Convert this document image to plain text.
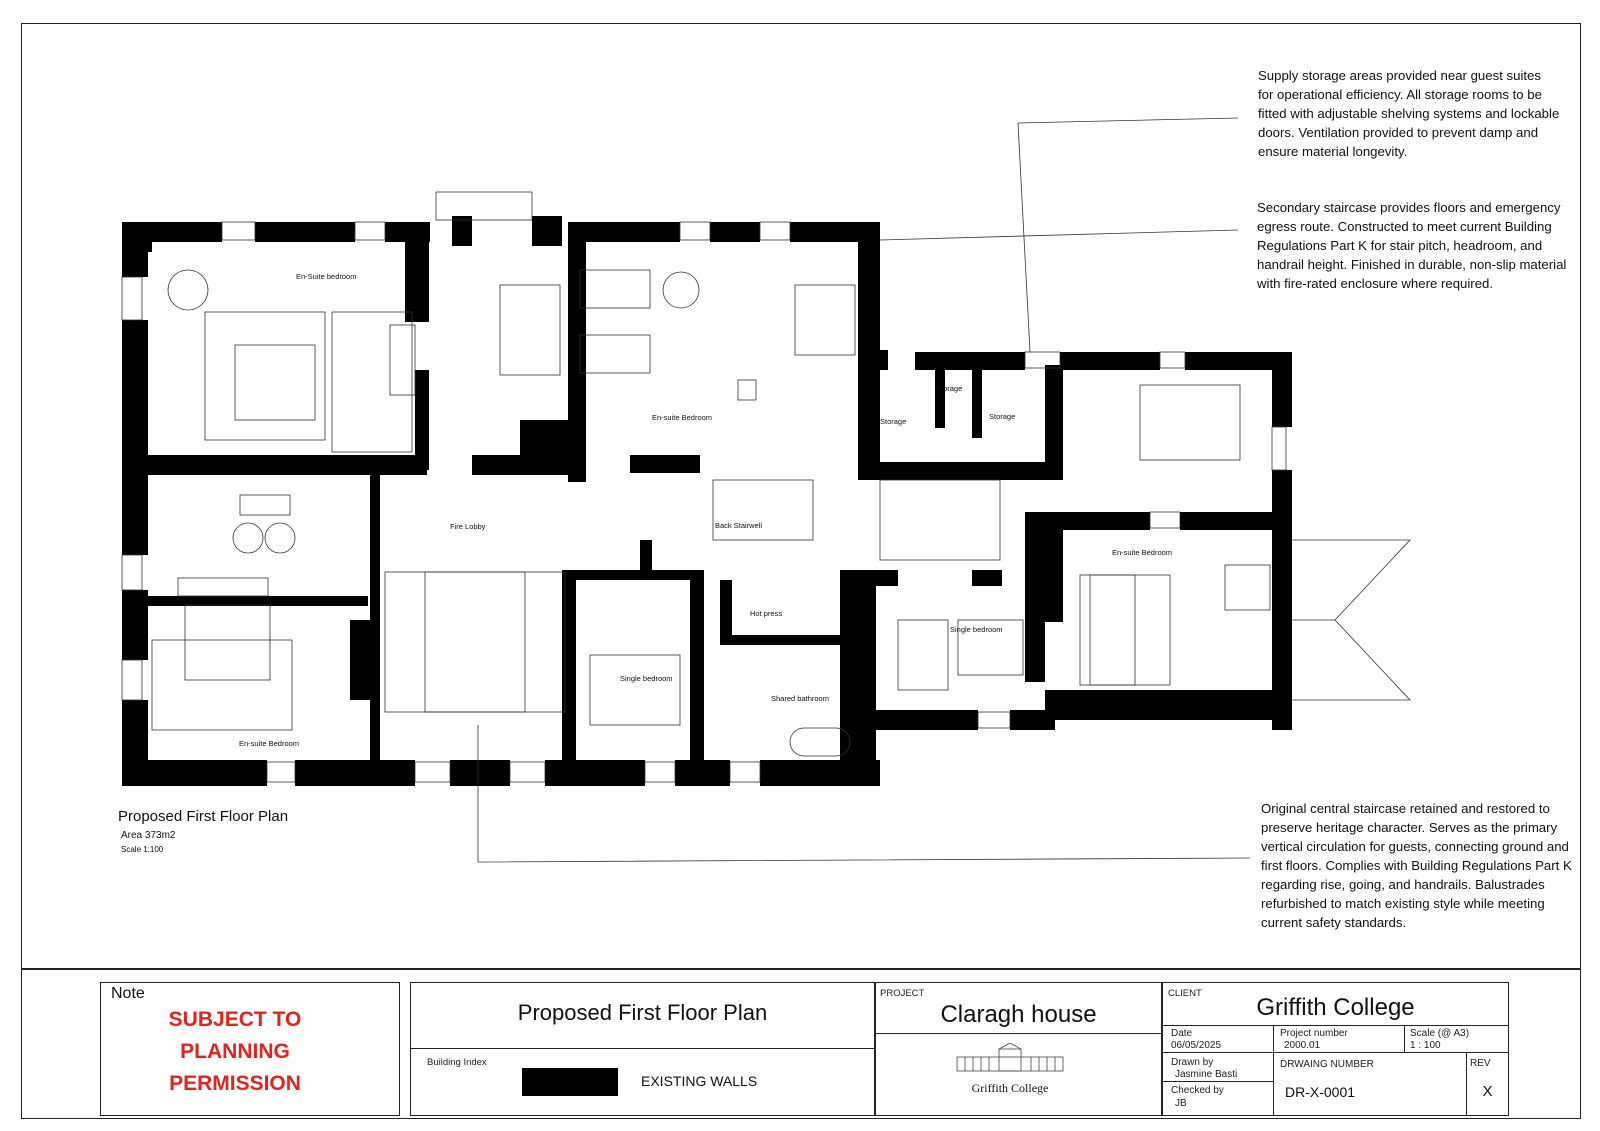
En-Suite bedroom
En-suite Bedroom
En-suite Bedroom
En-suite Bedroom
Fire Lobby	Back Stairwell
Storage
Storage
Storage
Hot press
Shared bathroom
Single bedroom
Single bedroom
Supply storage areas provided near guest suites
for operational efficiency. All storage rooms to be
fitted with adjustable shelving systems and lockable
doors. Ventilation provided to prevent damp and
ensure material longevity.
Secondary staircase provides floors and emergency
egress route. Constructed to meet current Building
Regulations Part K for stair pitch, headroom, and
handrail height. Finished in durable, non-slip material
with fire-rated enclosure where required.
Original central staircase retained and restored to
preserve heritage character. Serves as the primary
vertical circulation for guests, connecting ground and
first floors. Complies with Building Regulations Part K
regarding rise, going, and handrails. Balustrades
refurbished to match existing style while meeting
current safety standards.
Proposed First Floor Plan
Area 373m2
Scale 1:100
Note
SUBJECT TO
PLANNING
PERMISSION
Proposed First Floor Plan
Building Index
EXISTING WALLS
PROJECT
Claragh house
Griffith College
CLIENT
Griffith College
Date
06/05/2025
Project number
2000.01
Scale (@ A3)
1 : 100
Drawn by
Jasmine Basti
DRWAING NUMBER	REV
Checked by
JB
DR-X-0001	X
